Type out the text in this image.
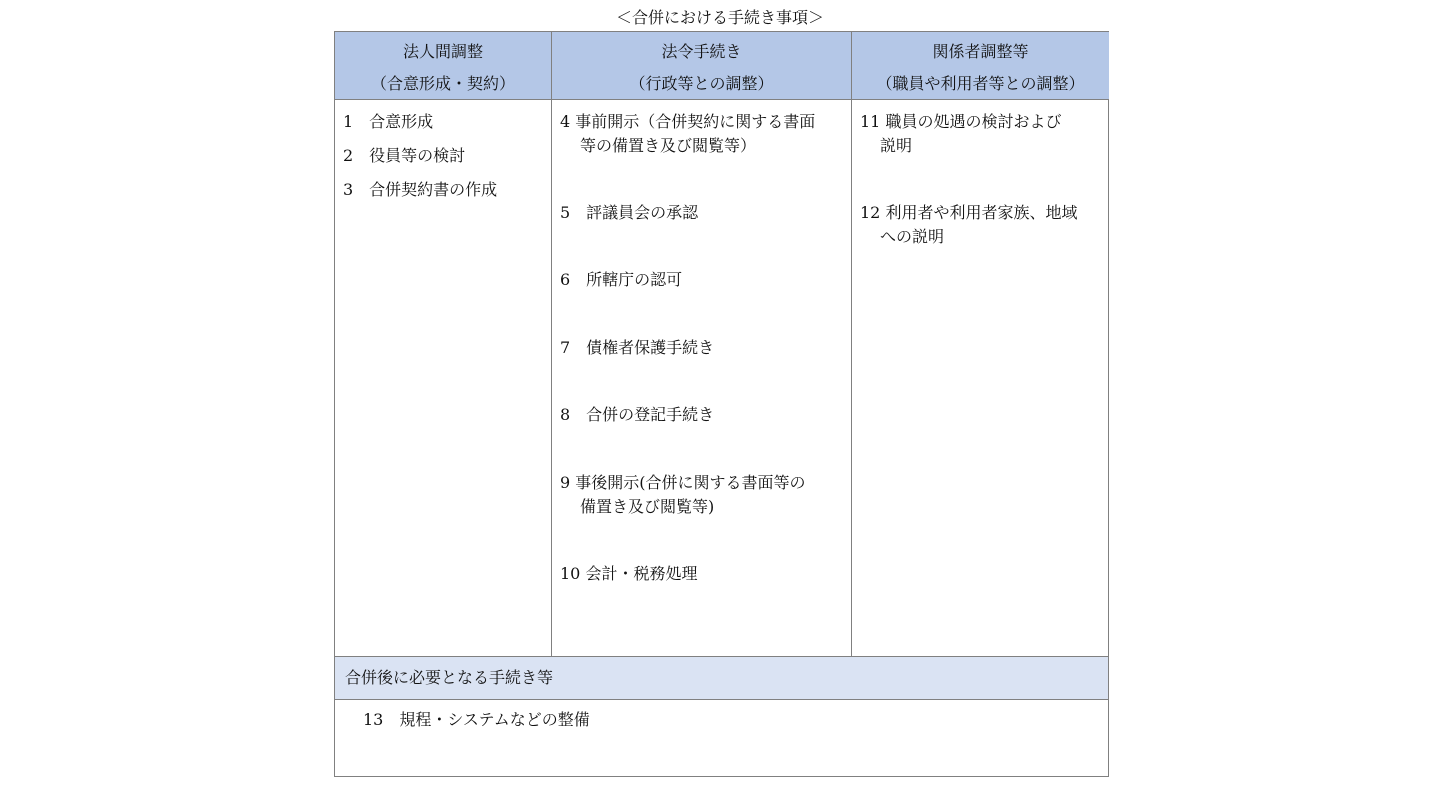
＜合併における手続き事項＞
法人間調整
（合意形成・契約）
法令手続き
（行政等との調整）
関係者調整等
（職員や利用者等との調整）
1　合意形成
2　役員等の検討
3　合併契約書の作成
4 事前開示（合併契約に関する書面
等の備置き及び閲覧等）
5　評議員会の承認
6　所轄庁の認可
7　債権者保護手続き
8　合併の登記手続き
9 事後開示(合併に関する書面等の
備置き及び閲覧等)
10 会計・税務処理
11 職員の処遇の検討および
説明
12 利用者や利用者家族、地域
への説明
合併後に必要となる手続き等
13　規程・システムなどの整備
